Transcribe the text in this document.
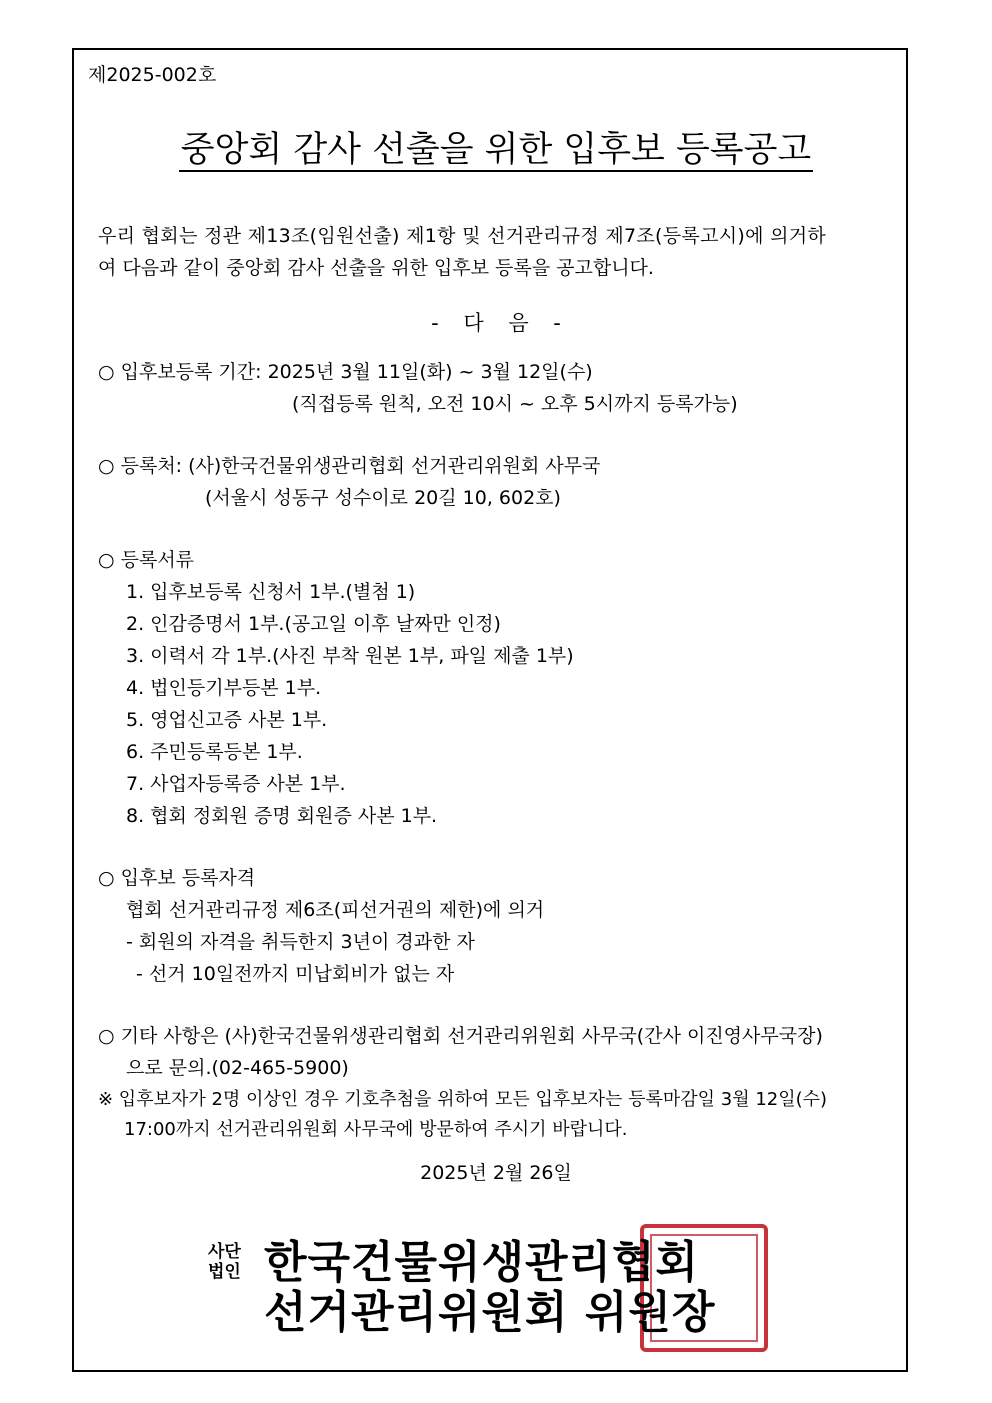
제2025-002호
중앙회 감사 선출을 위한 입후보 등록공고
우리 협회는 정관 제13조(임원선출) 제1항 및 선거관리규정 제7조(등록고시)에 의거하
여 다음과 같이 중앙회 감사 선출을 위한 입후보 등록을 공고합니다.
- 다 음 -
○ 입후보등록 기간: 2025년 3월 11일(화) ~ 3월 12일(수)
(직접등록 원칙, 오전 10시 ~ 오후 5시까지 등록가능)
○ 등록처: (사)한국건물위생관리협회 선거관리위원회 사무국
(서울시 성동구 성수이로 20길 10, 602호)
○ 등록서류
1. 입후보등록 신청서 1부.(별첨 1)
2. 인감증명서 1부.(공고일 이후 날짜만 인정)
3. 이력서 각 1부.(사진 부착 원본 1부, 파일 제출 1부)
4. 법인등기부등본 1부.
5. 영업신고증 사본 1부.
6. 주민등록등본 1부.
7. 사업자등록증 사본 1부.
8. 협회 정회원 증명 회원증 사본 1부.
○ 입후보 등록자격
협회 선거관리규정 제6조(피선거권의 제한)에 의거
- 회원의 자격을 취득한지 3년이 경과한 자
- 선거 10일전까지 미납회비가 없는 자
○ 기타 사항은 (사)한국건물위생관리협회 선거관리위원회 사무국(간사 이진영사무국장)
으로 문의.(02-465-5900)
※ 입후보자가 2명 이상인 경우 기호추첨을 위하여 모든 입후보자는 등록마감일 3월 12일(수)
17:00까지 선거관리위원회 사무국에 방문하여 주시기 바랍니다.
2025년 2월 26일
사단
법인 한국건물위생관리협회
선거관리위원회 위원장
